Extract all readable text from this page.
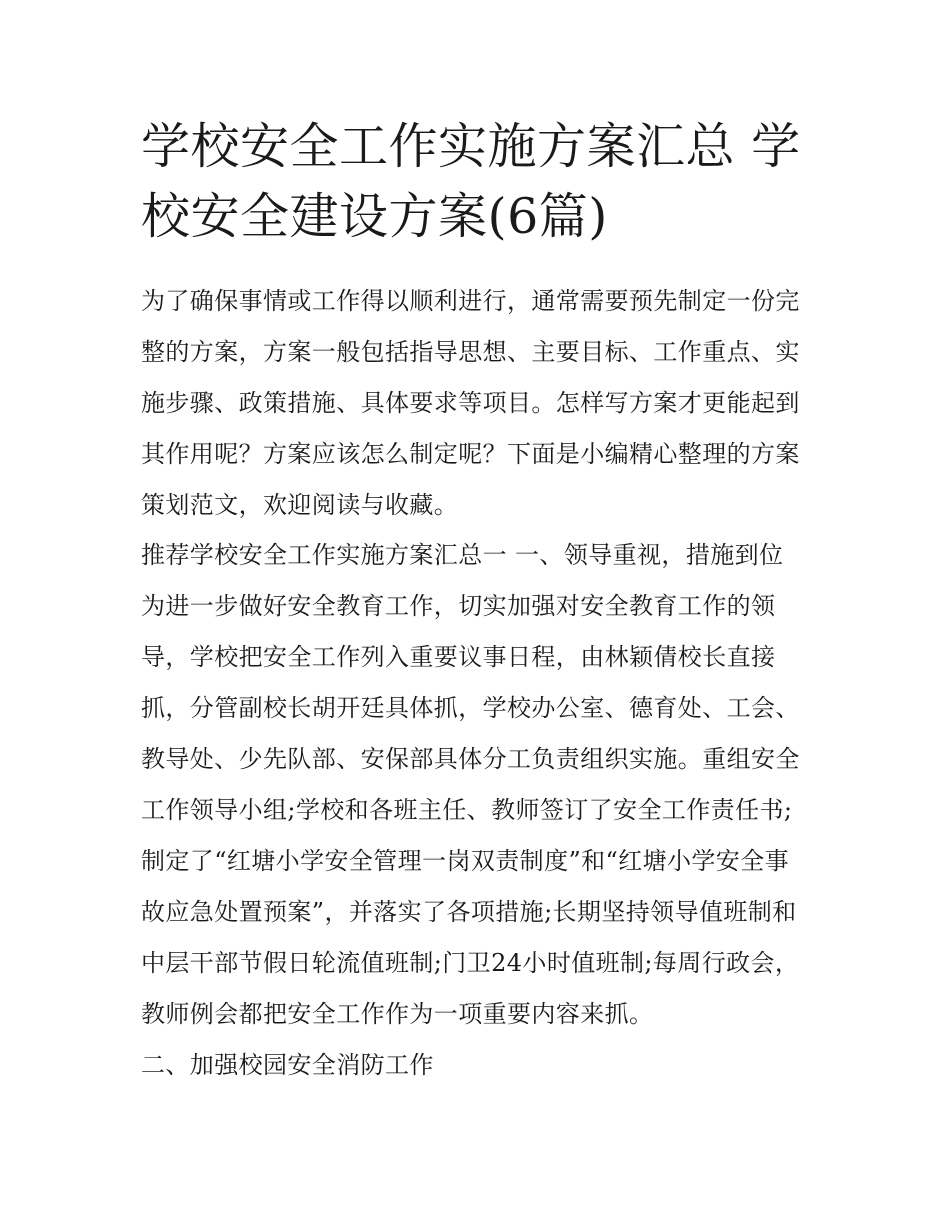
学校安全工作实施方案汇总 学
校安全建设方案(6篇)

为了确保事情或工作得以顺利进行，通常需要预先制定一份完
整的方案，方案一般包括指导思想、主要目标、工作重点、实
施步骤、政策措施、具体要求等项目。怎样写方案才更能起到
其作用呢？方案应该怎么制定呢？下面是小编精心整理的方案
策划范文，欢迎阅读与收藏。

推荐学校安全工作实施方案汇总一 一、领导重视，措施到位
为进一步做好安全教育工作，切实加强对安全教育工作的领
导，学校把安全工作列入重要议事日程，由林颖倩校长直接
抓，分管副校长胡开廷具体抓，学校办公室、德育处、工会、
教导处、少先队部、安保部具体分工负责组织实施。重组安全
工作领导小组;学校和各班主任、教师签订了安全工作责任书;
制定了“红塘小学安全管理一岗双责制度”和“红塘小学安全事
故应急处置预案”，并落实了各项措施;长期坚持领导值班制和
中层干部节假日轮流值班制;门卫24小时值班制;每周行政会，
教师例会都把安全工作作为一项重要内容来抓。

二、加强校园安全消防工作
